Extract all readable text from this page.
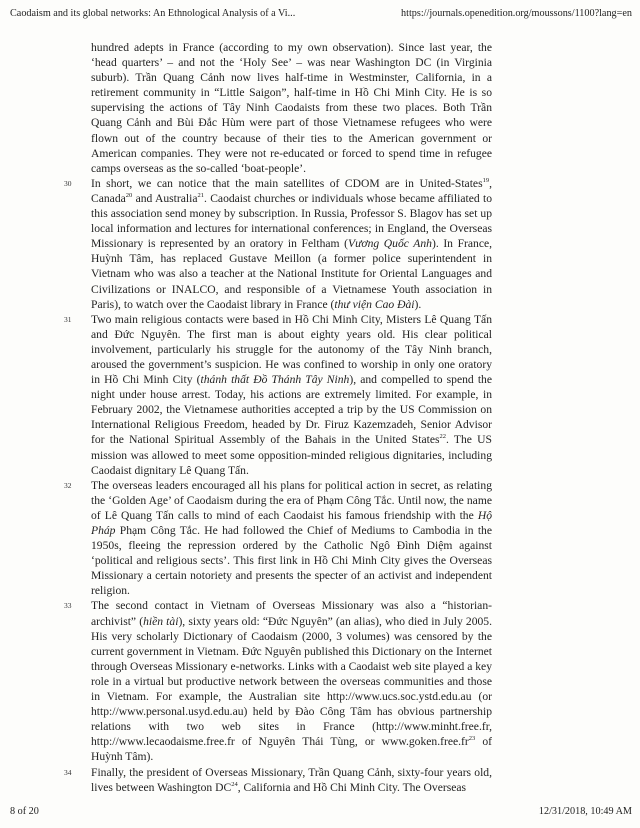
Caodaism and its global networks: An Ethnological Analysis of a Vi...	https://journals.openedition.org/moussons/1100?lang=en

hundred adepts in France (according to my own observation). Since last year, the ‘head quarters’ – and not the ‘Holy See’ – was near Washington DC (in Virginia suburb). Trần Quang Cảnh now lives half-time in Westminster, California, in a retirement community in “Little Saigon”, half-time in Hồ Chi Minh City. He is so supervising the actions of Tây Ninh Caodaists from these two places. Both Trần Quang Cảnh and Bùi Đắc Hùm were part of those Vietnamese refugees who were flown out of the country because of their ties to the American government or American companies. They were not re-educated or forced to spend time in refugee camps overseas as the so-called ‘boat-people’.

30 In short, we can notice that the main satellites of CDOM are in United-States$^{19}$, Canada$^{20}$ and Australia$^{21}$. Caodaist churches or individuals whose became affiliated to this association send money by subscription. In Russia, Professor S. Blagov has set up local information and lectures for international conferences; in England, the Overseas Missionary is represented by an oratory in Feltham (Vương Quốc Anh). In France, Huỳnh Tâm, has replaced Gustave Meillon (a former police superintendent in Vietnam who was also a teacher at the National Institute for Oriental Languages and Civilizations or INALCO, and responsible of a Vietnamese Youth association in Paris), to watch over the Caodaist library in France (thư viện Cao Đài).

31 Two main religious contacts were based in Hồ Chi Minh City, Misters Lê Quang Tấn and Đức Nguyên. The first man is about eighty years old. His clear political involvement, particularly his struggle for the autonomy of the Tây Ninh branch, aroused the government’s suspicion. He was confined to worship in only one oratory in Hồ Chi Minh City (thánh thất Đồ Thánh Tây Ninh), and compelled to spend the night under house arrest. Today, his actions are extremely limited. For example, in February 2002, the Vietnamese authorities accepted a trip by the US Commission on International Religious Freedom, headed by Dr. Firuz Kazemzadeh, Senior Advisor for the National Spiritual Assembly of the Bahais in the United States$^{22}$. The US mission was allowed to meet some opposition-minded religious dignitaries, including Caodaist dignitary Lê Quang Tấn.

32 The overseas leaders encouraged all his plans for political action in secret, as relating the ‘Golden Age’ of Caodaism during the era of Phạm Công Tắc. Until now, the name of Lê Quang Tấn calls to mind of each Caodaist his famous friendship with the Hộ Pháp Phạm Công Tắc. He had followed the Chief of Mediums to Cambodia in the 1950s, fleeing the repression ordered by the Catholic Ngô Đình Diệm against ‘political and religious sects’. This first link in Hồ Chi Minh City gives the Overseas Missionary a certain notoriety and presents the specter of an activist and independent religion.

33 The second contact in Vietnam of Overseas Missionary was also a “historian-archivist” (hiền tài), sixty years old: “Đức Nguyên” (an alias), who died in July 2005. His very scholarly Dictionary of Caodaism (2000, 3 volumes) was censored by the current government in Vietnam. Đức Nguyên published this Dictionary on the Internet through Overseas Missionary e-networks. Links with a Caodaist web site played a key role in a virtual but productive network between the overseas communities and those in Vietnam. For example, the Australian site http://www.ucs.soc.ystd.edu.au (or http://www.personal.usyd.edu.au) held by Đào Công Tâm has obvious partnership relations with two web sites in France (http://www.minht.free.fr, http://www.lecaodaisme.free.fr of Nguyên Thái Tùng, or $www.goken.free.fr^{23}$ of Huỳnh Tâm).

34 Finally, the president of Overseas Missionary, Trần Quang Cảnh, sixty-four years old, lives between Washington DC$^{24}$, California and Hồ Chi Minh City. The Overseas

8 of 20	12/31/2018, 10:49 AM
